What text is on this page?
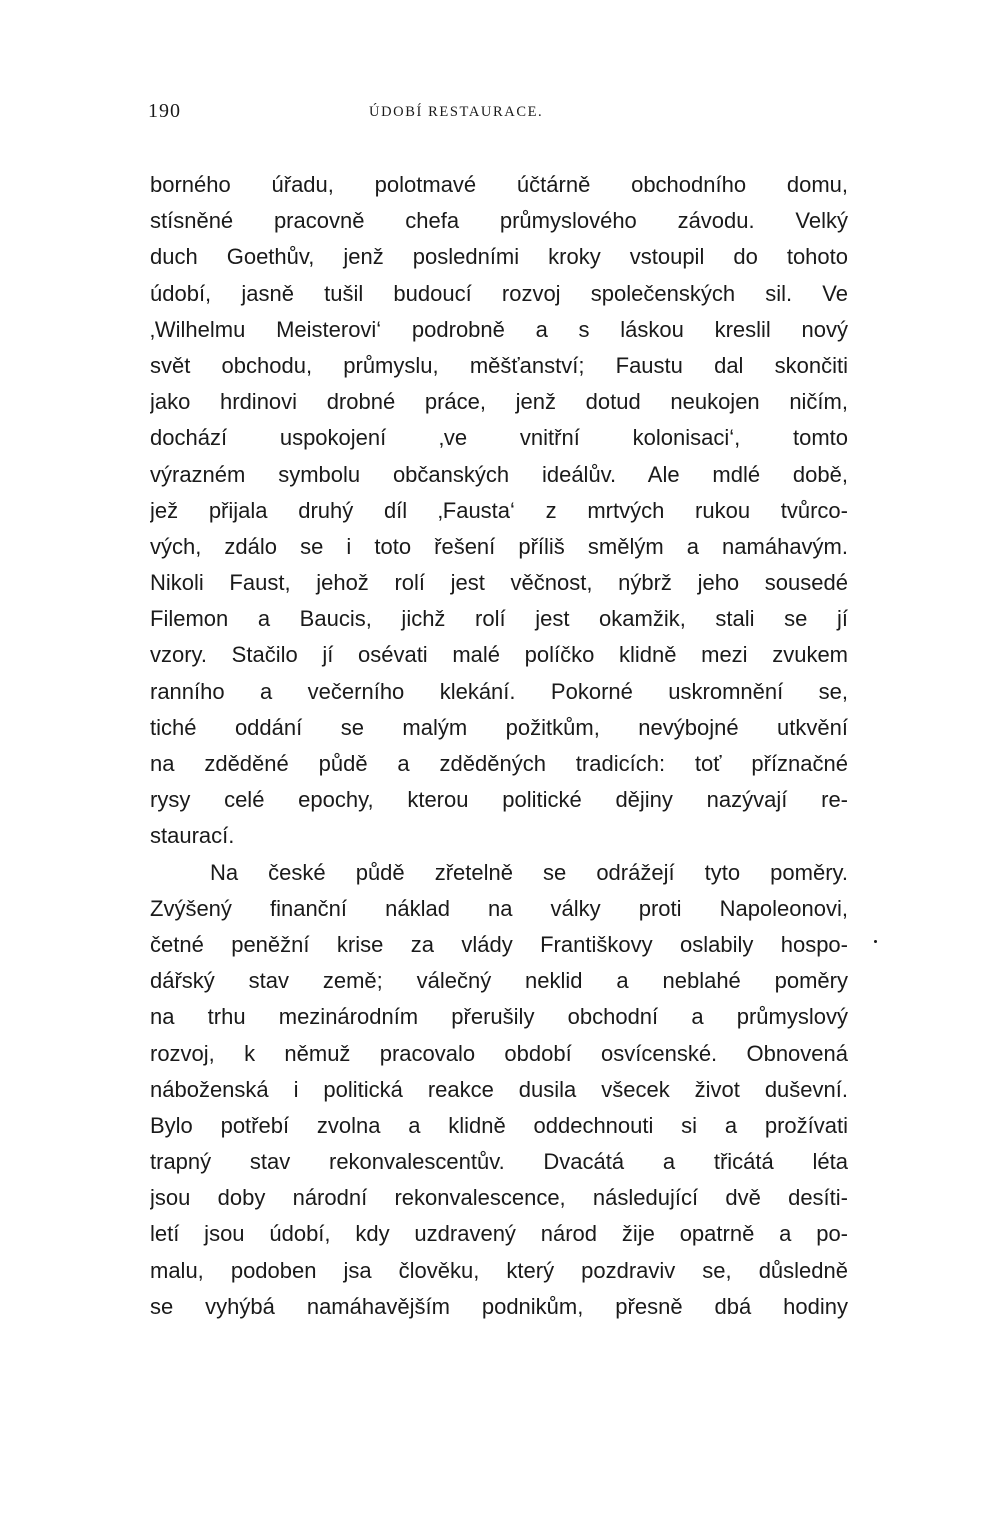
190	ÚDOBÍ RESTAURACE.
borného úřadu, polotmavé účtárně obchodního domu,
stísněné pracovně chefa průmyslového závodu. Velký
duch Goethův, jenž posledními kroky vstoupil do tohoto
údobí, jasně tušil budoucí rozvoj společenských sil. Ve
‚Wilhelmu Meisterovi‘ podrobně a s láskou kreslil nový
svět obchodu, průmyslu, měšťanství; Faustu dal skončiti
jako hrdinovi drobné práce, jenž dotud neukojen ničím,
dochází uspokojení ‚ve vnitřní kolonisaci‘, tomto
výrazném symbolu občanských ideálův. Ale mdlé době,
jež přijala druhý díl ‚Fausta‘ z mrtvých rukou tvůrco-
vých, zdálo se i toto řešení příliš smělým a namáhavým.
Nikoli Faust, jehož rolí jest věčnost, nýbrž jeho sousedé
Filemon a Baucis, jichž rolí jest okamžik, stali se jí
vzory. Stačilo jí osévati malé políčko klidně mezi zvukem
ranního a večerního klekání. Pokorné uskromnění se,
tiché oddání se malým požitkům, nevýbojné utkvění
na zděděné půdě a zděděných tradicích: toť příznačné
rysy celé epochy, kterou politické dějiny nazývají re-
staurací.
Na české půdě zřetelně se odrážejí tyto poměry.
Zvýšený finanční náklad na války proti Napoleonovi,
četné peněžní krise za vlády Františkovy oslabily hospo-
dářský stav země; válečný neklid a neblahé poměry
na trhu mezinárodním přerušily obchodní a průmyslový
rozvoj, k němuž pracovalo období osvícenské. Obnovená
náboženská i politická reakce dusila všecek život duševní.
Bylo potřebí zvolna a klidně oddechnouti si a prožívati
trapný stav rekonvalescentův. Dvacátá a třicátá léta
jsou doby národní rekonvalescence, následující dvě desíti-
letí jsou údobí, kdy uzdravený národ žije opatrně a po-
malu, podoben jsa člověku, který pozdraviv se, důsledně
se vyhýbá namáhavějším podnikům, přesně dbá hodiny
